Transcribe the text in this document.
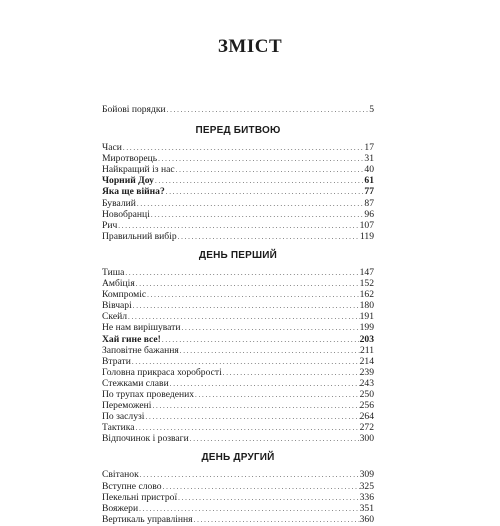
ЗМІСТ
Бойові порядки . . .	5
ПЕРЕД БИТВОЮ
Часи . . .	17
Миротворець . . .	31
Найкращий із нас . . .	40
Чорний Доу . . .	61
Яка ще війна? . . .	77
Бувалий . . .	87
Новобранці . . .	96
Рич . . .	107
Правильний вибір . . .	119
ДЕНЬ ПЕРШИЙ
Тиша . . .	147
Амбіція . . .	152
Компроміс . . .	162
Вівчарі . . .	180
Скейл . . .	191
Не нам вирішувати . . .	199
Хай гине все! . . .	203
Заповітне бажання . . .	211
Втрати . . .	214
Головна прикраса хоробрості . . .	239
Стежками слави . . .	243
По трупах проведених . . .	250
Переможені . . .	256
По заслузі . . .	264
Тактика . . .	272
Відпочинок і розваги . . .	300
ДЕНЬ ДРУГИЙ
Світанок . . .	309
Вступне слово . . .	325
Пекельні пристрої . . .	336
Вояжери . . .	351
Вертикаль управління . . .	360
